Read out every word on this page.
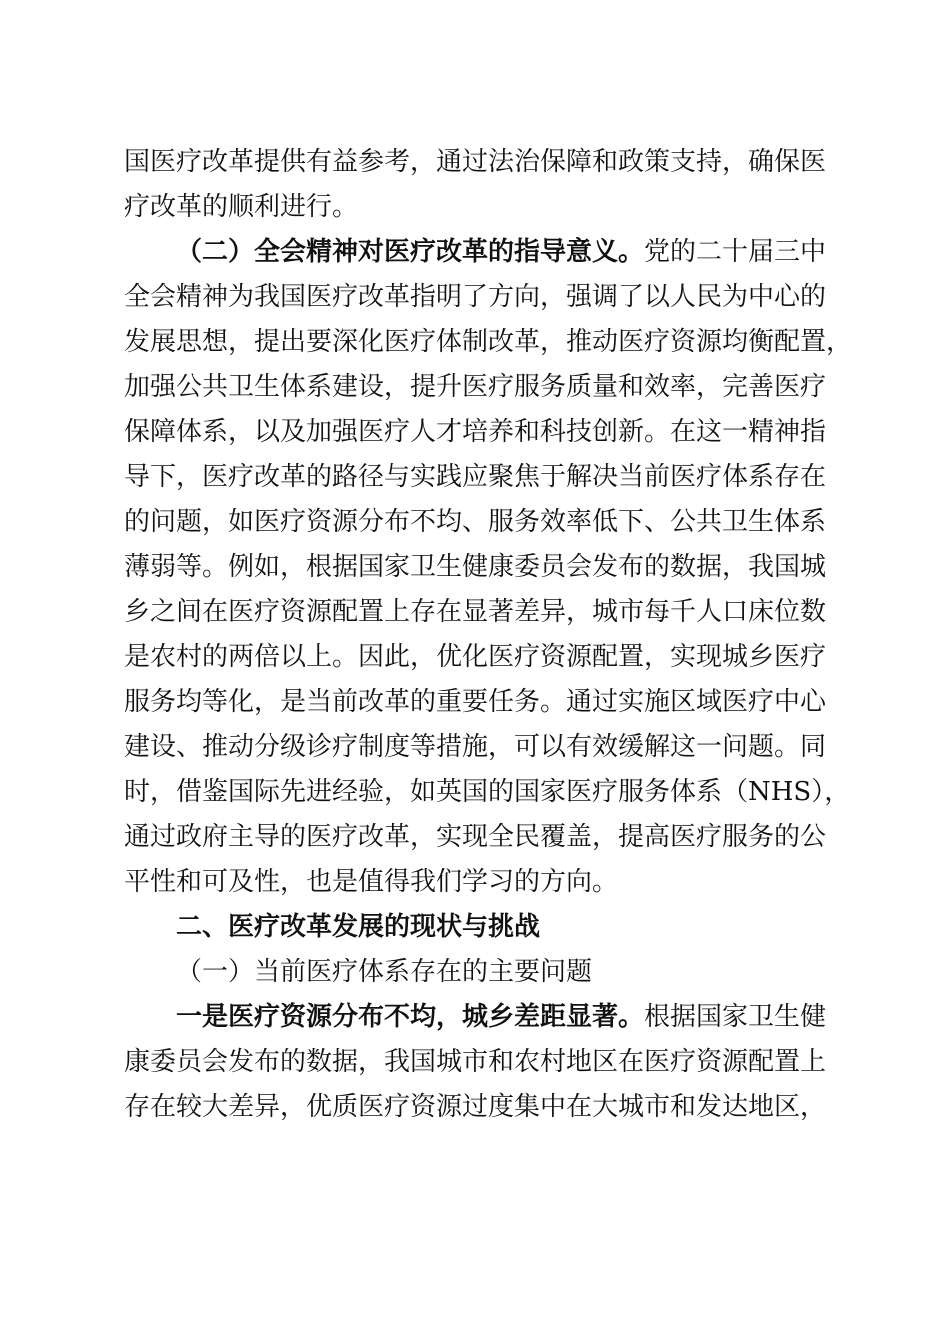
国医疗改革提供有益参考，通过法治保障和政策支持，确保医
疗改革的顺利进行。
（二）全会精神对医疗改革的指导意义。党的二十届三中
全会精神为我国医疗改革指明了方向，强调了以人民为中心的
发展思想，提出要深化医疗体制改革，推动医疗资源均衡配置，
加强公共卫生体系建设，提升医疗服务质量和效率，完善医疗
保障体系，以及加强医疗人才培养和科技创新。在这一精神指
导下，医疗改革的路径与实践应聚焦于解决当前医疗体系存在
的问题，如医疗资源分布不均、服务效率低下、公共卫生体系
薄弱等。例如，根据国家卫生健康委员会发布的数据，我国城
乡之间在医疗资源配置上存在显著差异，城市每千人口床位数
是农村的两倍以上。因此，优化医疗资源配置，实现城乡医疗
服务均等化，是当前改革的重要任务。通过实施区域医疗中心
建设、推动分级诊疗制度等措施，可以有效缓解这一问题。同
时，借鉴国际先进经验，如英国的国家医疗服务体系（NHS），
通过政府主导的医疗改革，实现全民覆盖，提高医疗服务的公
平性和可及性，也是值得我们学习的方向。
二、医疗改革发展的现状与挑战
（一）当前医疗体系存在的主要问题
一是医疗资源分布不均，城乡差距显著。根据国家卫生健
康委员会发布的数据，我国城市和农村地区在医疗资源配置上
存在较大差异，优质医疗资源过度集中在大城市和发达地区，
